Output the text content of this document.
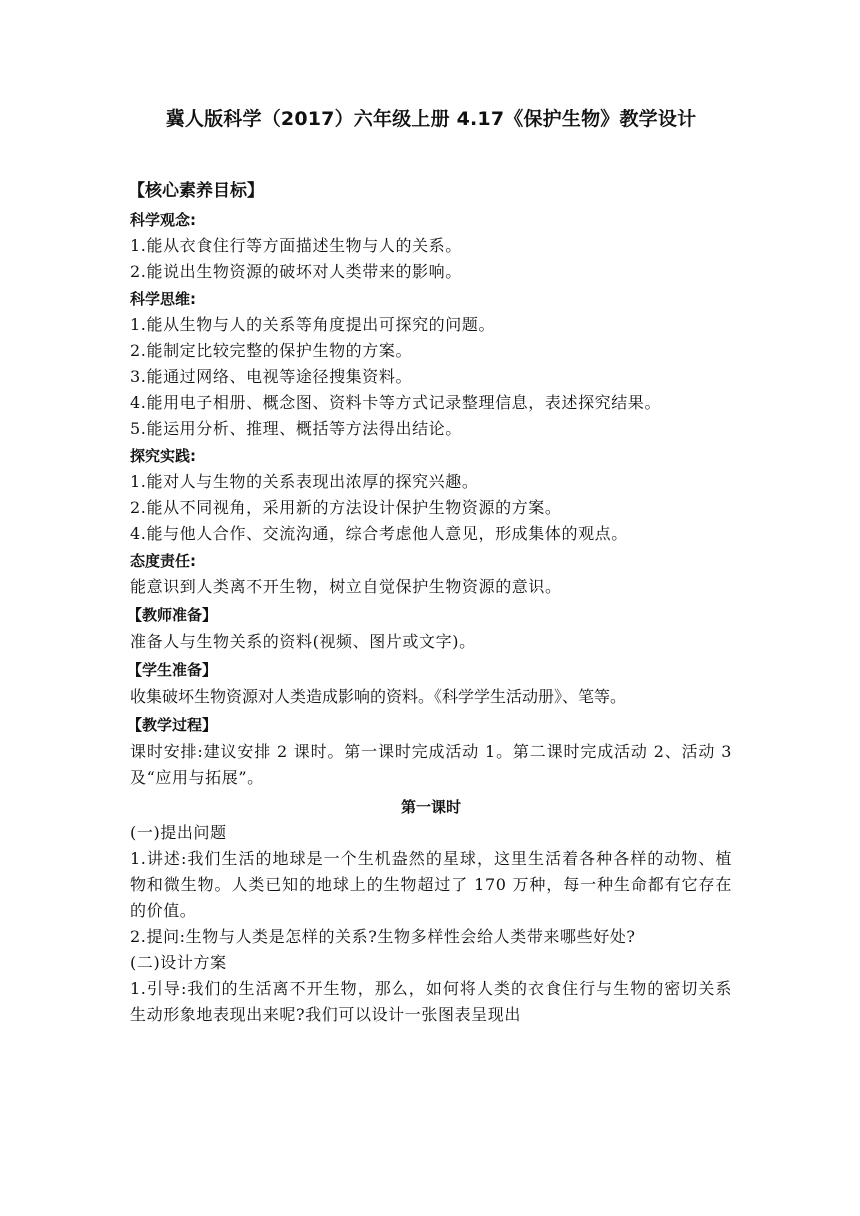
冀人版科学（2017）六年级上册 4.17《保护生物》教学设计
【核心素养目标】
科学观念:

1.能从衣食住行等方面描述生物与人的关系。

2.能说出生物资源的破坏对人类带来的影响。

科学思维:

1.能从生物与人的关系等角度提出可探究的问题。

2.能制定比较完整的保护生物的方案。

3.能通过网络、电视等途径搜集资料。

4.能用电子相册、概念图、资料卡等方式记录整理信息，表述探究结果。

5.能运用分析、推理、概括等方法得出结论。

探究实践:

1.能对人与生物的关系表现出浓厚的探究兴趣。

2.能从不同视角，采用新的方法设计保护生物资源的方案。

4.能与他人合作、交流沟通，综合考虑他人意见，形成集体的观点。

态度责任:

能意识到人类离不开生物，树立自觉保护生物资源的意识。

【教师准备】

准备人与生物关系的资料(视频、图片或文字)。

【学生准备】

收集破坏生物资源对人类造成影响的资料。《科学学生活动册》、笔等。

【教学过程】

课时安排:建议安排 2 课时。第一课时完成活动 1。第二课时完成活动 2、活动 3 及“应用与拓展”。

第一课时

(一)提出问题

1.讲述:我们生活的地球是一个生机盎然的星球，这里生活着各种各样的动物、植物和微生物。人类已知的地球上的生物超过了 170 万种，每一种生命都有它存在的价值。

2.提问:生物与人类是怎样的关系?生物多样性会给人类带来哪些好处?

(二)设计方案

1.引导:我们的生活离不开生物，那么，如何将人类的衣食住行与生物的密切关系生动形象地表现出来呢?我们可以设计一张图表呈现出
